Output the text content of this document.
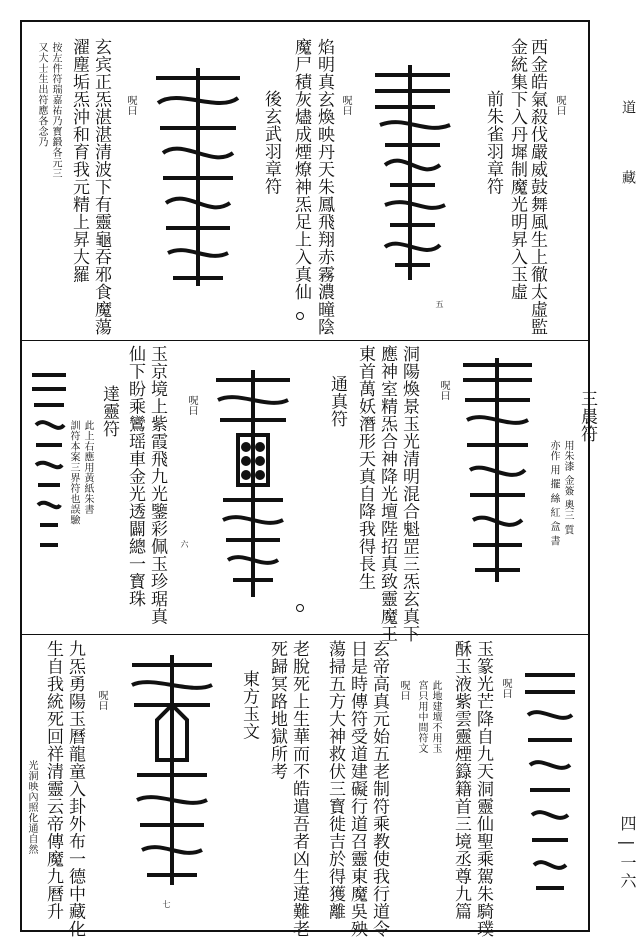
道
藏
四 | 一六
西金皓氣殺伐嚴威鼓舞風生上徹太虛監
金統集下入丹墀制魔光明昇入玉虛
前朱雀羽章符	呪曰
呪曰
焰明真玄煥映丹天朱鳳飛翔赤霧濃曈陰
魔尸積灰燼成煙燎神炁足上入真仙
後玄武羽章符
呪曰
玄宾正炁湛湛清波下有靈龜吞邪食魔蕩
濯塵垢炁沖和育我元精上昇大羅
按左件符瑞嘉祐乃寳鍛各元三
又大士生出符應各念乃
五
三晨符
用朱漆 金簽 奧三 質
亦作 用 擺 絲 紅 盒 書
呪曰
洞陽煥景玉光清明混合魁罡三炁玄真下
應神室精炁合神降光壇陛招真致靈魔王
東首萬妖潛形天真自降我得長生
通真符
呪曰
玉京境上紫霞飛九光鑒彩佩玉珍琚真
仙下盼乘鸞瑶車金光透闢總一寳珠
達靈符
此上右應用黃紙朱書
訓符本案三界符也誤驗
六
呪曰
玉篆光芒降自九天洞靈仙聖乘駕朱騎璞
酥玉液紫雲靈煙籙籍首三境丞尊九篇
此地建壇不用玉
宮只用中間符文
呪曰
玄帝高真元始五老制符乘教使我行道令
日是時傳符受道建礙行道召靈東魔吳殃
蕩掃五方大神救伏三寳徙吉於得獲離
老脫死上生華而不皓遣吾者凶生違難老
死歸冥路地獄所考
東方玉文
呪曰
九炁勇陽玉曆龍童入卦外布一德中藏化
生自我統死回祥清靈云帝傳魔九曆升
光洞映內照化通自然
七
